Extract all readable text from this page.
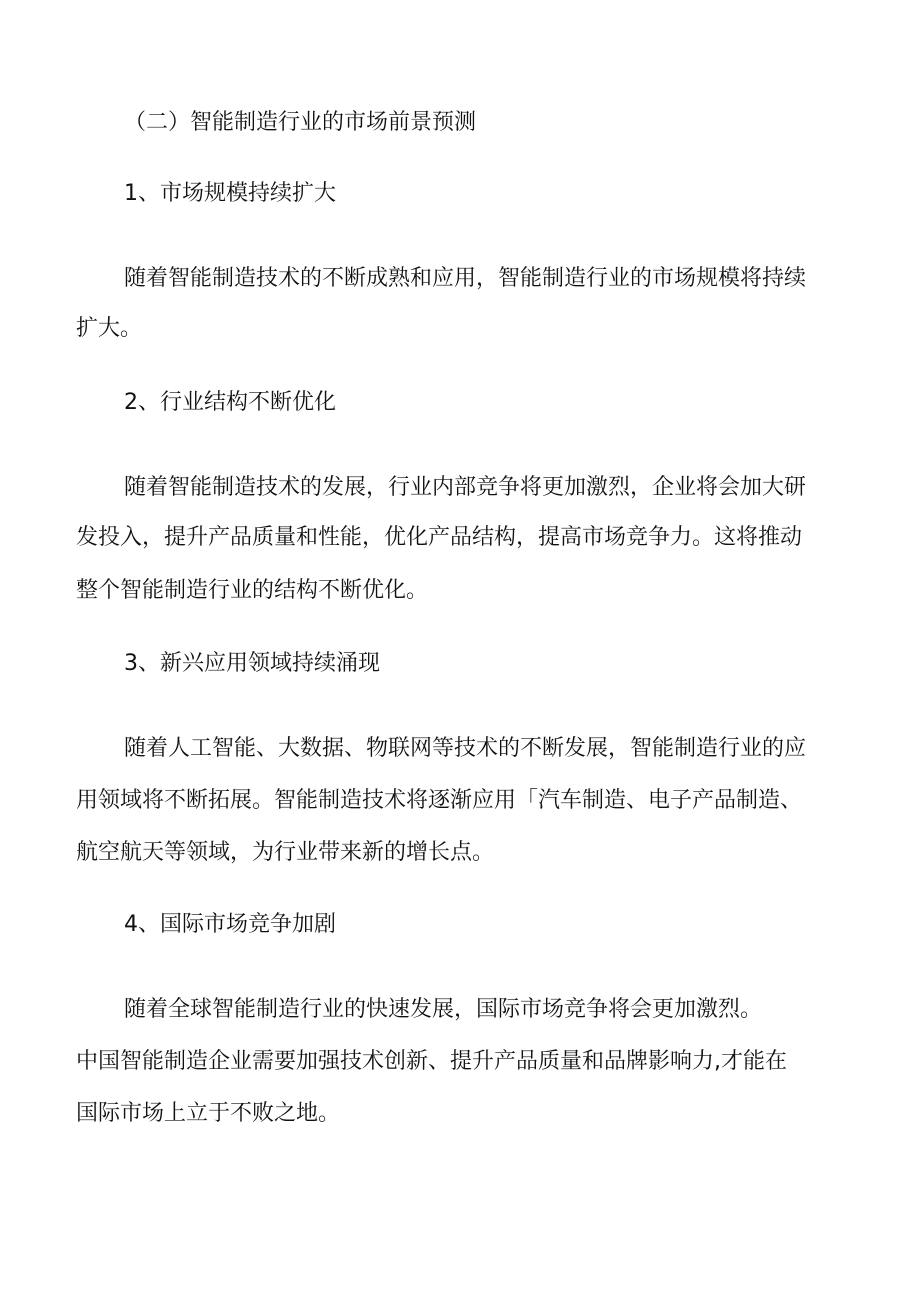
（二）智能制造行业的市场前景预测
1、市场规模持续扩大
随着智能制造技术的不断成熟和应用，智能制造行业的市场规模将持续
扩大。
2、行业结构不断优化
随着智能制造技术的发展，行业内部竞争将更加激烈，企业将会加大研
发投入，提升产品质量和性能，优化产品结构，提高市场竞争力。这将推动
整个智能制造行业的结构不断优化。
3、新兴应用领域持续涌现
随着人工智能、大数据、物联网等技术的不断发展，智能制造行业的应
用领域将不断拓展。智能制造技术将逐渐应用「汽车制造、电子产品制造、
航空航天等领域，为行业带来新的增长点。
4、国际市场竞争加剧
随着全球智能制造行业的快速发展，国际市场竞争将会更加激烈。
中国智能制造企业需要加强技术创新、提升产品质量和品牌影响力,才能在
国际市场上立于不败之地。
